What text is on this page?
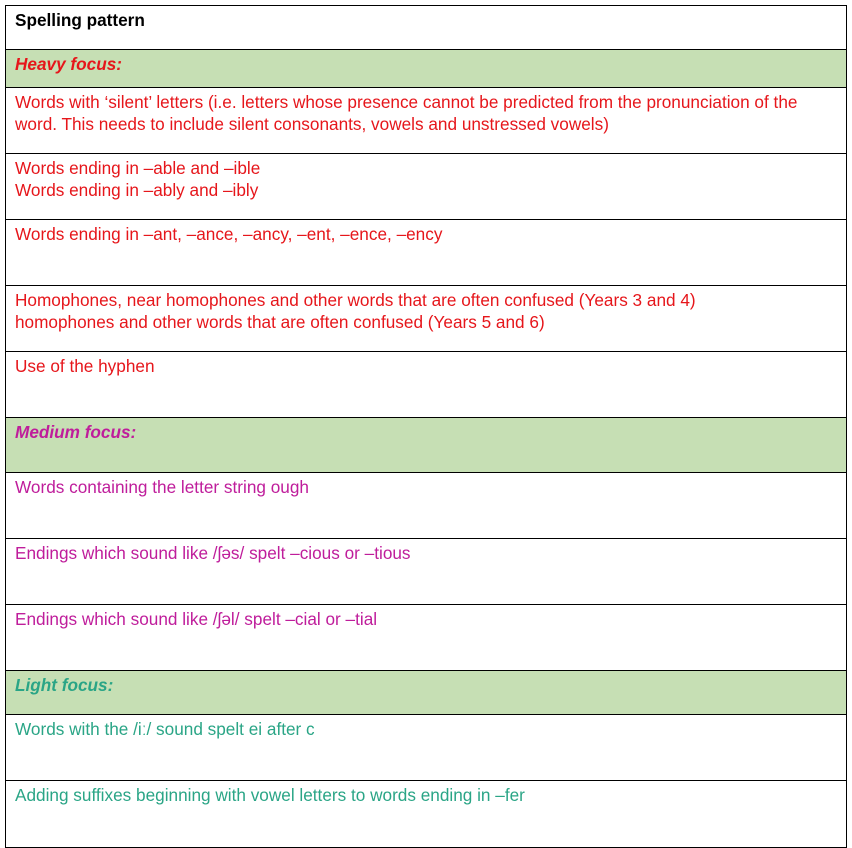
Spelling pattern
Heavy focus:

Words with ‘silent’ letters (i.e. letters whose presence cannot be predicted from the pronunciation of the word. This needs to include silent consonants, vowels and unstressed vowels)

Words ending in –able and –ible
Words ending in –ably and –ibly

Words ending in –ant, –ance, –ancy, –ent, –ence, –ency

Homophones, near homophones and other words that are often confused (Years 3 and 4)
homophones and other words that are often confused (Years 5 and 6)

Use of the hyphen

Medium focus:

Words containing the letter string ough

Endings which sound like /ʃəs/ spelt –cious or –tious

Endings which sound like /ʃəl/ spelt –cial or –tial

Light focus:

Words with the /iː/ sound spelt ei after c

Adding suffixes beginning with vowel letters to words ending in –fer
